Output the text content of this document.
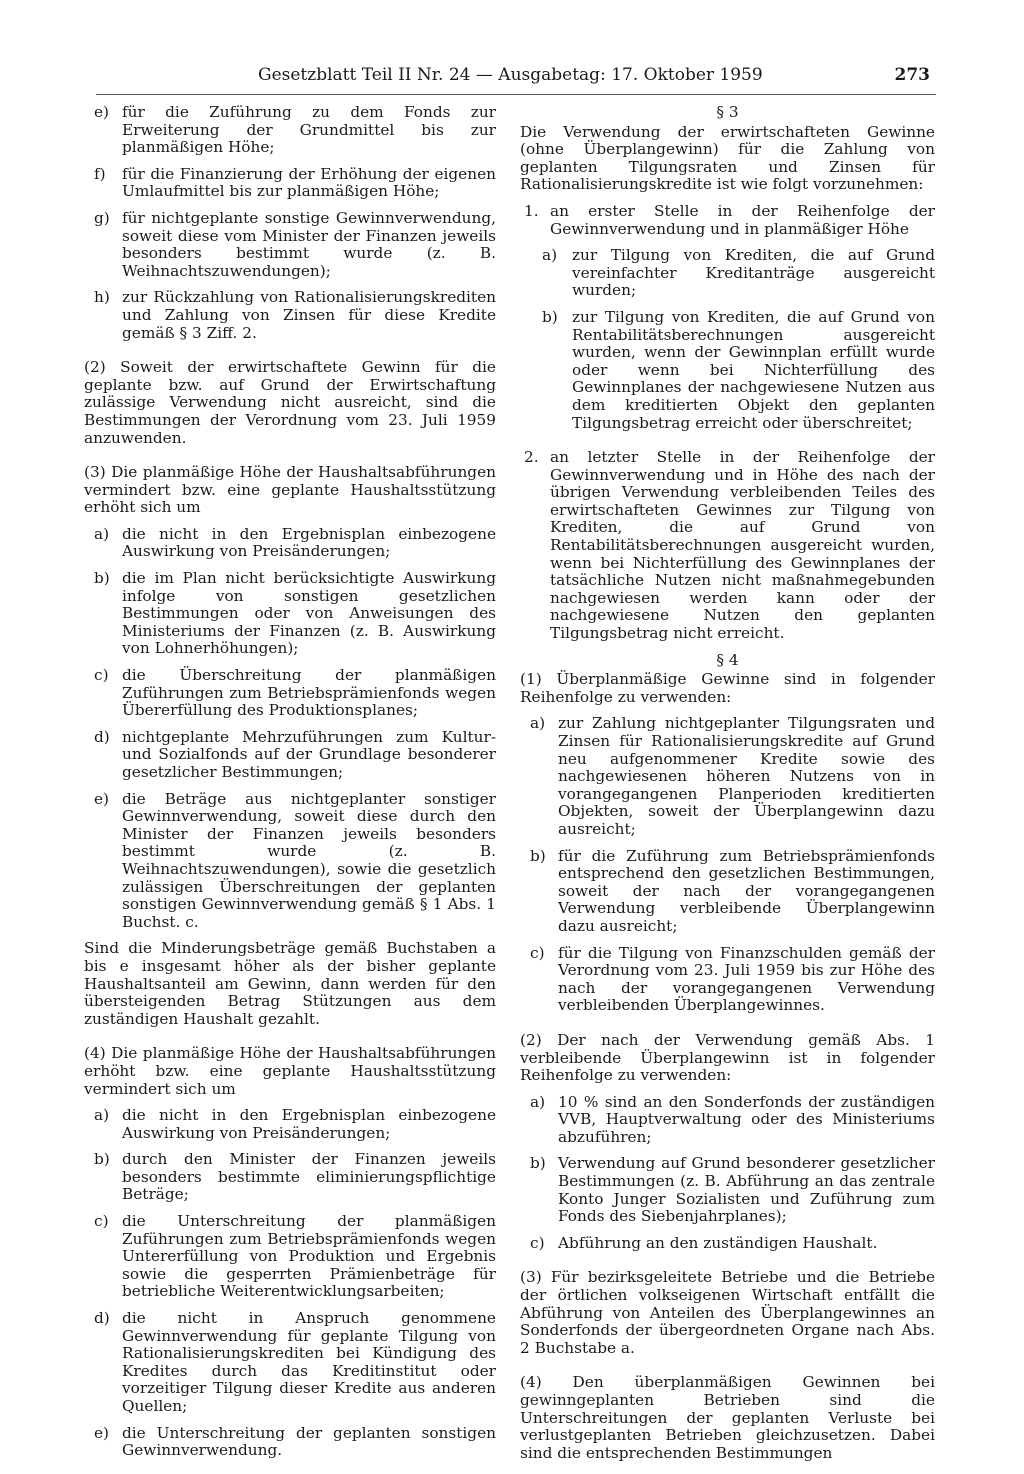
Gesetzblatt Teil II Nr. 24 — Ausgabetag: 17. Oktober 1959	273
e) für die Zuführung zu dem Fonds zur Erweiterung der Grundmittel bis zur planmäßigen Höhe;
f)	für die Finanzierung der Erhöhung der eigenen Umlaufmittel bis zur planmäßigen Höhe;
g) für nichtgeplante sonstige Gewinnverwendung, soweit diese vom Minister der Finanzen jeweils besonders bestimmt wurde (z. B. Weihnachtszuwendungen);
h) zur Rückzahlung von Rationalisierungskrediten und Zahlung von Zinsen für diese Kredite gemäß § 3 Ziff. 2.

(2) Soweit der erwirtschaftete Gewinn für die geplante bzw. auf Grund der Erwirtschaftung zulässige Verwendung nicht ausreicht, sind die Bestimmungen der Verordnung vom 23. Juli 1959 anzuwenden.

(3) Die planmäßige Höhe der Haushaltsabführungen vermindert bzw. eine geplante Haushaltsstützung erhöht sich um

a) die nicht in den Ergebnisplan einbezogene Auswirkung von Preisänderungen;
b) die im Plan nicht berücksichtigte Auswirkung infolge von sonstigen gesetzlichen Bestimmungen oder von Anweisungen des Ministeriums der Finanzen (z. B. Auswirkung von Lohnerhöhungen);
c) die Überschreitung der planmäßigen Zuführungen zum Betriebsprämienfonds wegen Übererfüllung des Produktionsplanes;
d) nichtgeplante Mehrzuführungen zum Kultur- und Sozialfonds auf der Grundlage besonderer gesetzlicher Bestimmungen;
e) die Beträge aus nichtgeplanter sonstiger Gewinnverwendung, soweit diese durch den Minister der Finanzen jeweils besonders bestimmt wurde (z. B. Weihnachtszuwendungen), sowie die gesetzlich zulässigen Überschreitungen der geplanten sonstigen Gewinnverwendung gemäß § 1 Abs. 1 Buchst. c.

Sind die Minderungsbeträge gemäß Buchstaben a bis e insgesamt höher als der bisher geplante Haushaltsanteil am Gewinn, dann werden für den übersteigenden Betrag Stützungen aus dem zuständigen Haushalt gezahlt.

(4) Die planmäßige Höhe der Haushaltsabführungen erhöht bzw. eine geplante Haushaltsstützung vermindert sich um

a) die nicht in den Ergebnisplan einbezogene Auswirkung von Preisänderungen;
b) durch den Minister der Finanzen jeweils besonders bestimmte eliminierungspflichtige Beträge;
c) die Unterschreitung der planmäßigen Zuführungen zum Betriebsprämienfonds wegen Untererfüllung von Produktion und Ergebnis sowie die gesperrten Prämienbeträge für betriebliche Weiterentwicklungsarbeiten;
d) die nicht in Anspruch genommene Gewinnverwendung für geplante Tilgung von Rationalisierungskrediten bei Kündigung des Kredites durch das Kreditinstitut oder vorzeitiger Tilgung dieser Kredite aus anderen Quellen;
e) die Unterschreitung der geplanten sonstigen Gewinnverwendung.

§ 3

Die Verwendung der erwirtschafteten Gewinne (ohne Überplangewinn) für die Zahlung von geplanten Tilgungsraten und Zinsen für Rationalisierungskredite ist wie folgt vorzunehmen:

1. an erster Stelle in der Reihenfolge der Gewinnverwendung und in planmäßiger Höhe
a) zur Tilgung von Krediten, die auf Grund vereinfachter Kreditanträge ausgereicht wurden;
b) zur Tilgung von Krediten, die auf Grund von Rentabilitätsberechnungen ausgereicht wurden, wenn der Gewinnplan erfüllt wurde oder wenn bei Nichterfüllung des Gewinnplanes der nachgewiesene Nutzen aus dem kreditierten Objekt den geplanten Tilgungsbetrag erreicht oder überschreitet;
2. an letzter Stelle in der Reihenfolge der Gewinnverwendung und in Höhe des nach der übrigen Verwendung verbleibenden Teiles des erwirtschafteten Gewinnes zur Tilgung von Krediten, die auf Grund von Rentabilitätsberechnungen ausgereicht wurden, wenn bei Nichterfüllung des Gewinnplanes der tatsächliche Nutzen nicht maßnahmegebunden nachgewiesen werden kann oder der nachgewiesene Nutzen den geplanten Tilgungsbetrag nicht erreicht.

§ 4

(1) Überplanmäßige Gewinne sind in folgender Reihenfolge zu verwenden:

a) zur Zahlung nichtgeplanter Tilgungsraten und Zinsen für Rationalisierungskredite auf Grund neu aufgenommener Kredite sowie des nachgewiesenen höheren Nutzens von in vorangegangenen Planperioden kreditierten Objekten, soweit der Überplangewinn dazu ausreicht;
b) für die Zuführung zum Betriebsprämienfonds entsprechend den gesetzlichen Bestimmungen, soweit der nach der vorangegangenen Verwendung verbleibende Überplangewinn dazu ausreicht;
c) für die Tilgung von Finanzschulden gemäß der Verordnung vom 23. Juli 1959 bis zur Höhe des nach der vorangegangenen Verwendung verbleibenden Überplangewinnes.

(2) Der nach der Verwendung gemäß Abs. 1 verbleibende Überplangewinn ist in folgender Reihenfolge zu verwenden:

a) 10 % sind an den Sonderfonds der zuständigen VVB, Hauptverwaltung oder des Ministeriums abzuführen;
b) Verwendung auf Grund besonderer gesetzlicher Bestimmungen (z. B. Abführung an das zentrale Konto Junger Sozialisten und Zuführung zum Fonds des Siebenjahrplanes);
c) Abführung an den zuständigen Haushalt.

(3) Für bezirksgeleitete Betriebe und die Betriebe der örtlichen volkseigenen Wirtschaft entfällt die Abführung von Anteilen des Überplangewinnes an Sonderfonds der übergeordneten Organe nach Abs. 2 Buchstabe a.

(4) Den überplanmäßigen Gewinnen bei gewinngeplanten Betrieben sind die Unterschreitungen der geplanten Verluste bei verlustgeplanten Betrieben gleichzusetzen. Dabei sind die entsprechenden Bestimmungen
